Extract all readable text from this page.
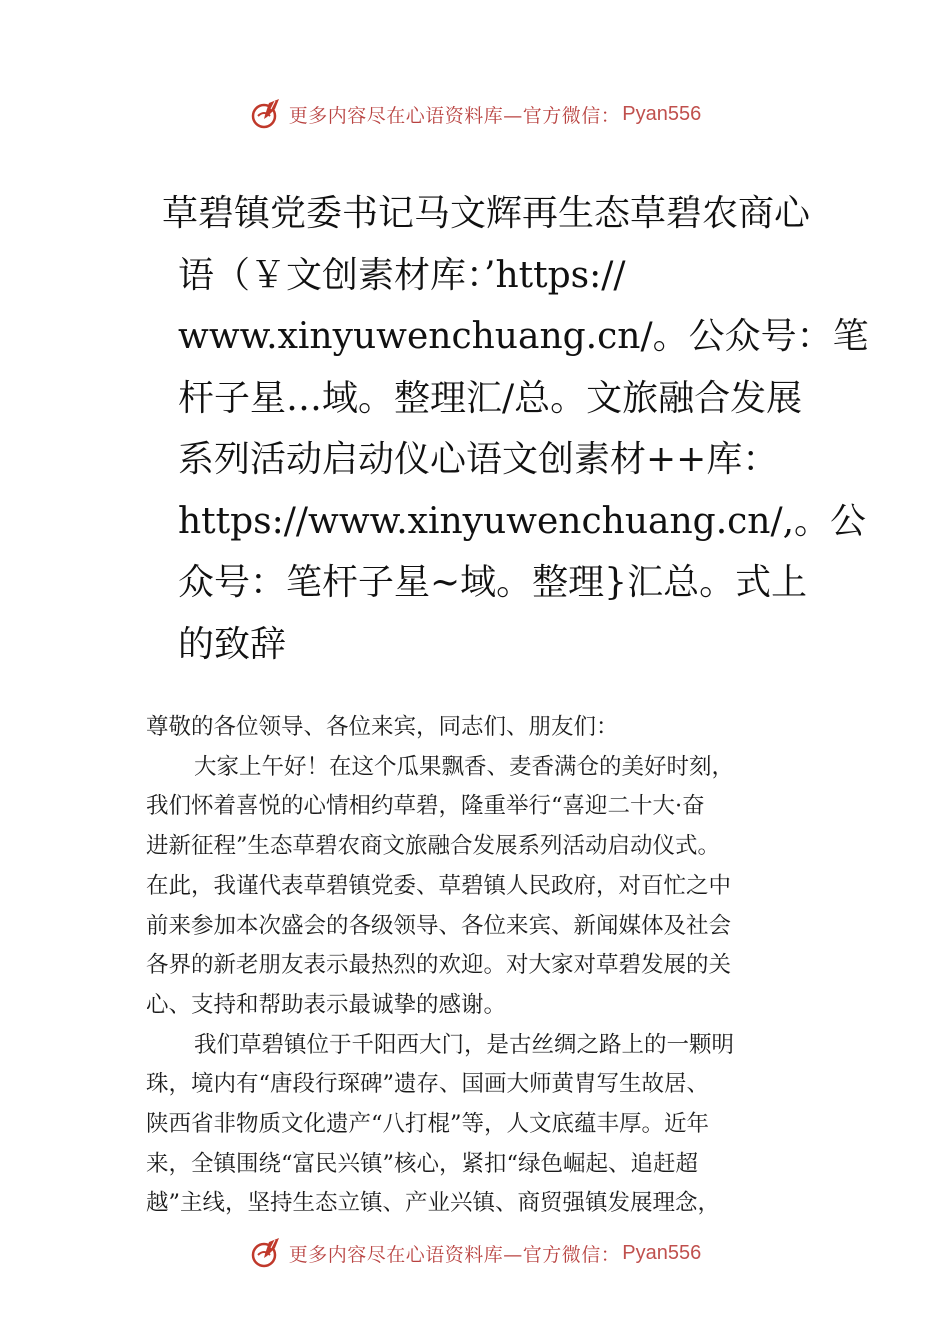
更多内容尽在心语资料库—官方微信： Pyan556
草碧镇党委书记马文辉再生态草碧农商心
语（￥文创素材库：’https://
www.xinyuwenchuang.cn/。公众号：笔
杆子星…域。整理汇/总。文旅融合发展
系列活动启动仪心语文创素材++库：
https://www.xinyuwenchuang.cn/,。公
众号：笔杆子星~域。整理}汇总。式上
的致辞
尊敬的各位领导、各位来宾，同志们、朋友们：
大家上午好！在这个瓜果飘香、麦香满仓的美好时刻，
我们怀着喜悦的心情相约草碧，隆重举行“喜迎二十大·奋
进新征程”生态草碧农商文旅融合发展系列活动启动仪式。
在此，我谨代表草碧镇党委、草碧镇人民政府，对百忙之中
前来参加本次盛会的各级领导、各位来宾、新闻媒体及社会
各界的新老朋友表示最热烈的欢迎。对大家对草碧发展的关
心、支持和帮助表示最诚挚的感谢。
我们草碧镇位于千阳西大门，是古丝绸之路上的一颗明
珠，境内有“唐段行琛碑”遗存、国画大师黄胄写生故居、
陕西省非物质文化遗产“八打棍”等，人文底蕴丰厚。近年
来，全镇围绕“富民兴镇”核心，紧扣“绿色崛起、追赶超
越”主线，坚持生态立镇、产业兴镇、商贸强镇发展理念，
更多内容尽在心语资料库—官方微信： Pyan556
